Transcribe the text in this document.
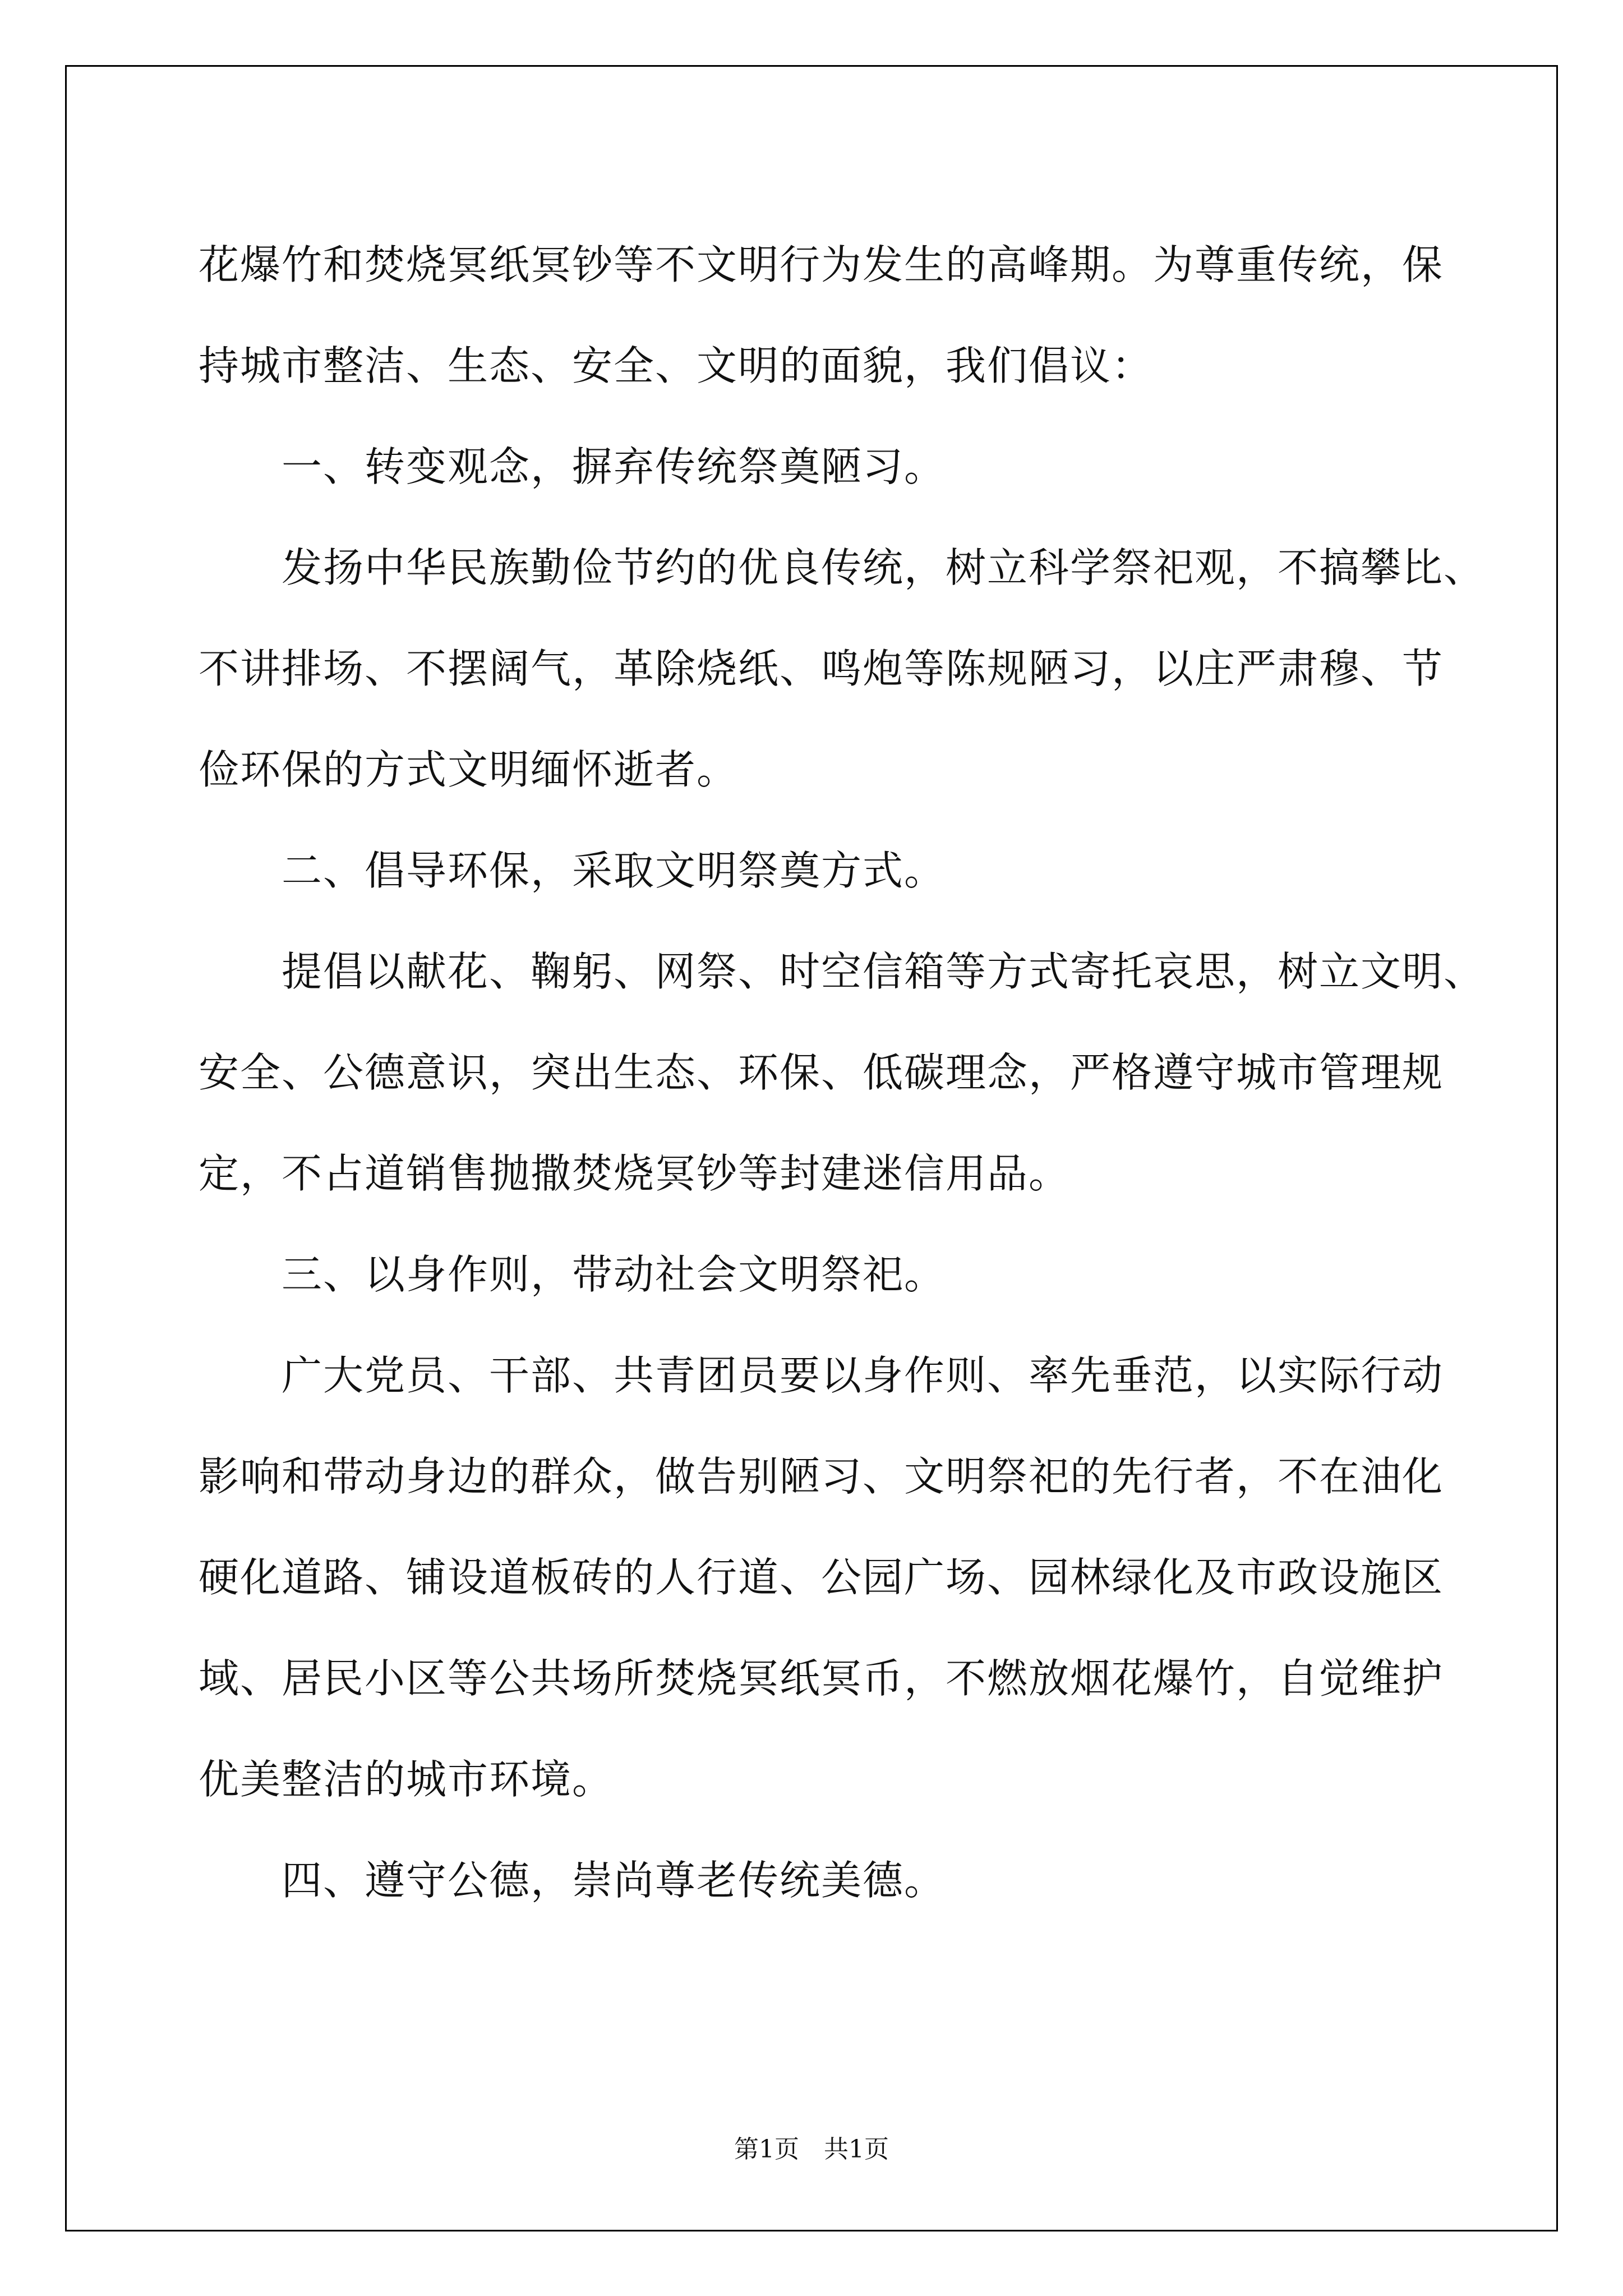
花爆竹和焚烧冥纸冥钞等不文明行为发生的高峰期。为尊重传统，保

持城市整洁、生态、安全、文明的面貌，我们倡议：

一、转变观念，摒弃传统祭奠陋习。

发扬中华民族勤俭节约的优良传统，树立科学祭祀观，不搞攀比、

不讲排场、不摆阔气，革除烧纸、鸣炮等陈规陋习，以庄严肃穆、节

俭环保的方式文明缅怀逝者。

二、倡导环保，采取文明祭奠方式。

提倡以献花、鞠躬、网祭、时空信箱等方式寄托哀思，树立文明、

安全、公德意识，突出生态、环保、低碳理念，严格遵守城市管理规

定，不占道销售抛撒焚烧冥钞等封建迷信用品。

三、以身作则，带动社会文明祭祀。

广大党员、干部、共青团员要以身作则、率先垂范，以实际行动

影响和带动身边的群众，做告别陋习、文明祭祀的先行者，不在油化

硬化道路、铺设道板砖的人行道、公园广场、园林绿化及市政设施区

域、居民小区等公共场所焚烧冥纸冥币，不燃放烟花爆竹，自觉维护

优美整洁的城市环境。

四、遵守公德，崇尚尊老传统美德。

第1页　共1页
